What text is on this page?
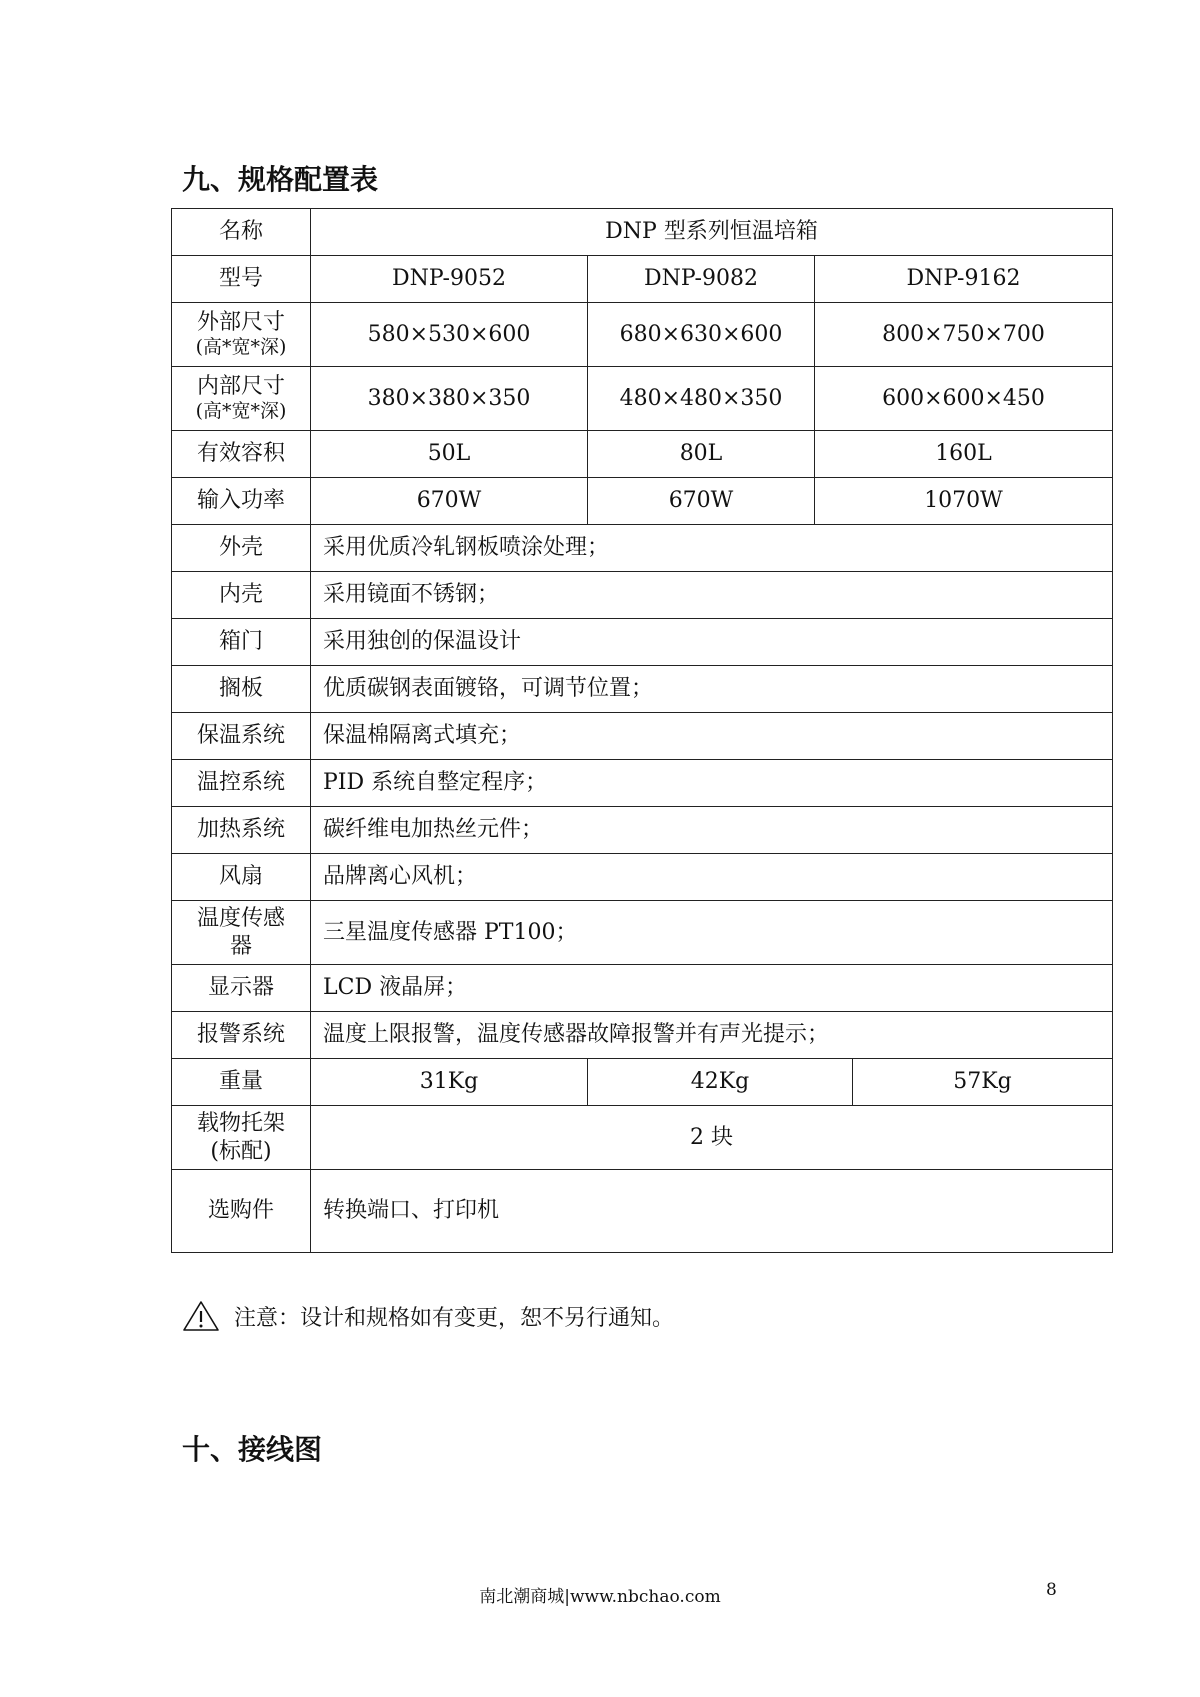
九、规格配置表
名称	DNP 型系列恒温培箱			
型号	DNP-9052	DNP-9082	DNP-9162	
外部尺寸
(高*宽*深)	580×530×600	680×630×600	800×750×700	
内部尺寸
(高*宽*深)	380×380×350	480×480×350	600×600×450	
有效容积	50L	80L	160L	
输入功率	670W	670W	1070W	
外壳	采用优质冷轧钢板喷涂处理；			
内壳	采用镜面不锈钢；			
箱门	采用独创的保温设计			
搁板	优质碳钢表面镀铬，可调节位置；			
保温系统	保温棉隔离式填充；			
温控系统	PID 系统自整定程序；			
加热系统	碳纤维电加热丝元件；			
风扇	品牌离心风机；			
温度传感
器	三星温度传感器 PT100；			
显示器	LCD 液晶屏；			
报警系统	温度上限报警，温度传感器故障报警并有声光提示；			
重量	31Kg	42Kg		57Kg
载物托架
(标配)	2 块			
选购件	转换端口、打印机			
注意：设计和规格如有变更，恕不另行通知。
十、接线图
南北潮商城|www.nbchao.com	8
